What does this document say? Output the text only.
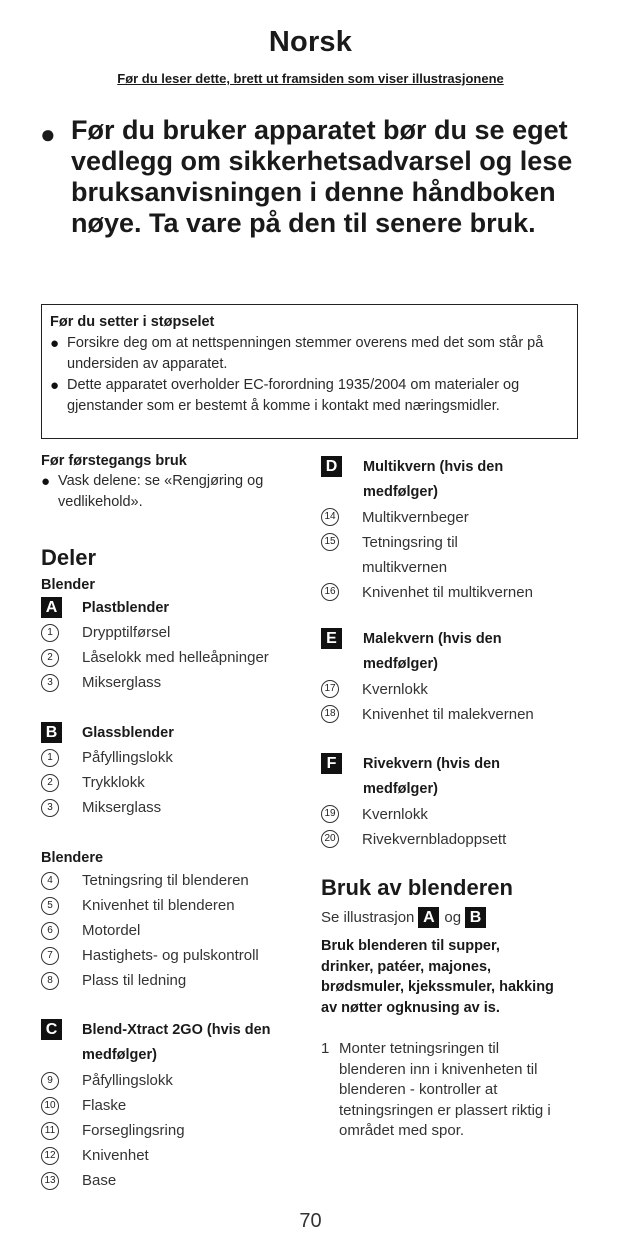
Norsk
Før du leser dette, brett ut framsiden som viser illustrasjonene
● Før du bruker apparatet bør du se eget vedlegg om sikkerhetsadvarsel og lese bruksanvisningen i denne håndboken nøye. Ta vare på den til senere bruk.
Før du setter i støpselet
● Forsikre deg om at nettspenningen stemmer overens med det som står på undersiden av apparatet.
● Dette apparatet overholder EC-forordning 1935/2004 om materialer og gjenstander som er bestemt å komme i kontakt med næringsmidler.
Før førstegangs bruk
● Vask delene: se «Rengjøring og vedlikehold».
Deler
Blender
A	Plastblender
1	Drypptilførsel
2	Låselokk med helleåpninger
3	Mikserglass
B	Glassblender
1	Påfyllingslokk
2	Trykklokk
3	Mikserglass
Blendere
4	Tetningsring til blenderen
5	Knivenhet til blenderen
6	Motordel
7	Hastighets- og pulskontroll
8	Plass til ledning
C	Blend-Xtract 2GO (hvis den medfølger)
9	Påfyllingslokk
10 Flaske
11 Forseglingsring
12 Knivenhet
13 Base
D	Multikvern (hvis den medfølger)
14 Multikvernbeger
15 Tetningsring til multikvernen
16 Knivenhet til multikvernen
E	Malekvern (hvis den medfølger)
17 Kvernlokk
18 Knivenhet til malekvernen
F	Rivekvern (hvis den medfølger)
19 Kvernlokk
20 Rivekvernbladoppsett
Bruk av blenderen
Se illustrasjon A og B
Bruk blenderen til supper, drinker, patéer, majones, brødsmuler, kjekssmuler, hakking av nøtter ogknusing av is.
1 Monter tetningsringen til blenderen inn i knivenheten til blenderen - kontroller at tetningsringen er plassert riktig i området med spor.
70
